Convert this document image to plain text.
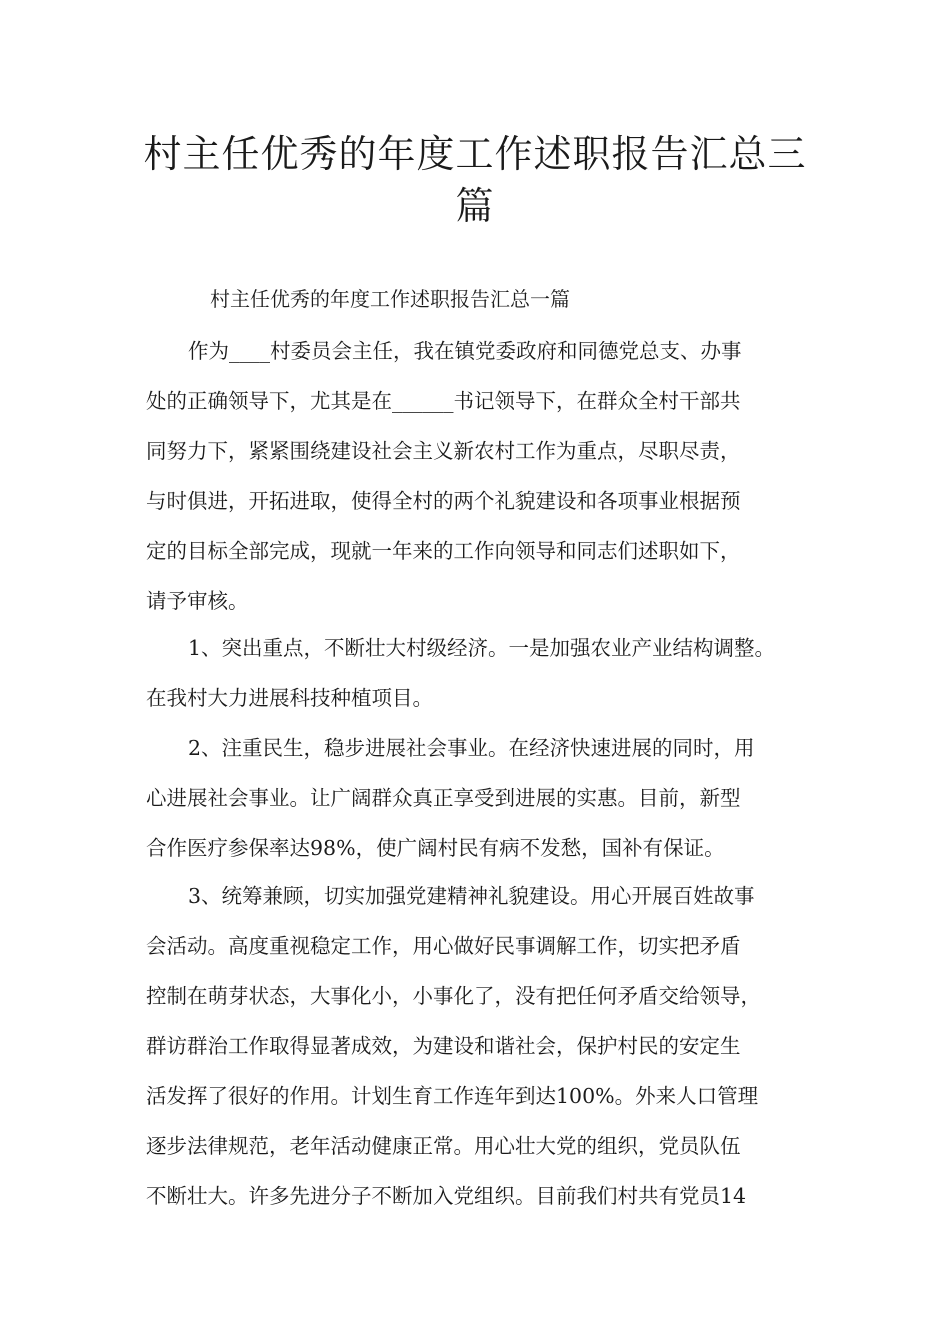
村主任优秀的年度工作述职报告汇总三篇

村主任优秀的年度工作述职报告汇总一篇

作为____村委员会主任，我在镇党委政府和同德党总支、办事
处的正确领导下，尤其是在______书记领导下，在群众全村干部共
同努力下，紧紧围绕建设社会主义新农村工作为重点，尽职尽责，
与时俱进，开拓进取，使得全村的两个礼貌建设和各项事业根据预
定的目标全部完成，现就一年来的工作向领导和同志们述职如下，
请予审核。

1、突出重点，不断壮大村级经济。一是加强农业产业结构调整。
在我村大力进展科技种植项目。

2、注重民生，稳步进展社会事业。在经济快速进展的同时，用
心进展社会事业。让广阔群众真正享受到进展的实惠。目前，新型
合作医疗参保率达98%，使广阔村民有病不发愁，国补有保证。

3、统筹兼顾，切实加强党建精神礼貌建设。用心开展百姓故事
会活动。高度重视稳定工作，用心做好民事调解工作，切实把矛盾
控制在萌芽状态，大事化小，小事化了，没有把任何矛盾交给领导，
群访群治工作取得显著成效，为建设和谐社会，保护村民的安定生
活发挥了很好的作用。计划生育工作连年到达100%。外来人口管理
逐步法律规范，老年活动健康正常。用心壮大党的组织，党员队伍
不断壮大。许多先进分子不断加入党组织。目前我们村共有党员14
